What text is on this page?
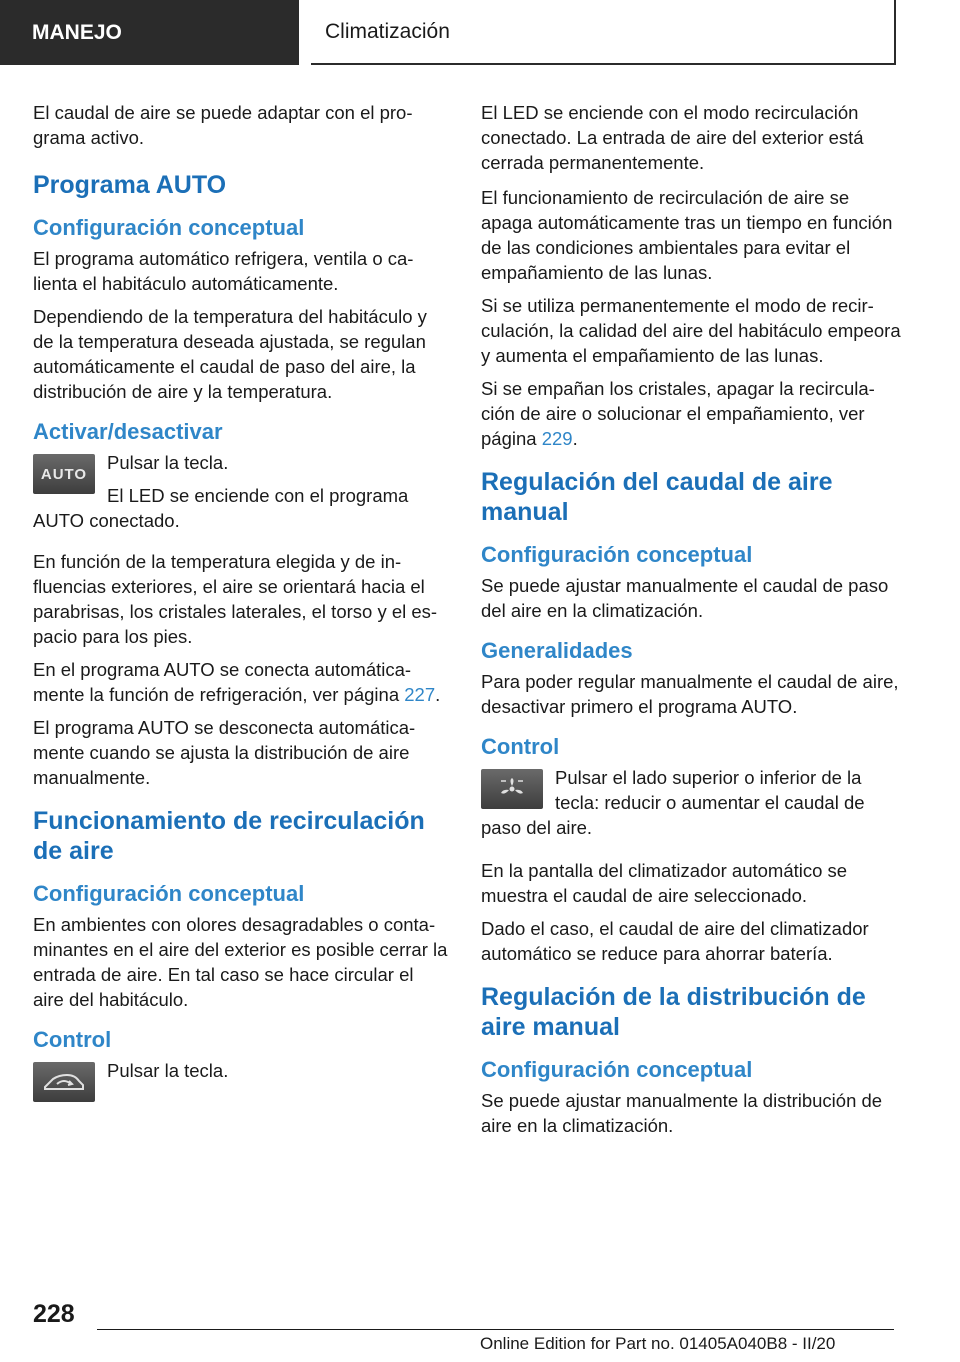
MANEJO	Climatización

El caudal de aire se puede adaptar con el programa activo.

Programa AUTO
Configuración conceptual

El programa automático refrigera, ventila o calienta el habitáculo automáticamente.

Dependiendo de la temperatura del habitáculo y de la temperatura deseada ajustada, se regulan automáticamente el caudal de paso del aire, la distribución de aire y la temperatura.

Activar/desactivar
AUTO

Pulsar la tecla.

El LED se enciende con el programa AUTO conectado.

En función de la temperatura elegida y de influencias exteriores, el aire se orientará hacia el parabrisas, los cristales laterales, el torso y el espacio para los pies.

En el programa AUTO se conecta automáticamente la función de refrigeración, ver página 227.

El programa AUTO se desconecta automáticamente cuando se ajusta la distribución de aire manualmente.

Funcionamiento de recirculación de aire
Configuración conceptual

En ambientes con olores desagradables o contaminantes en el aire del exterior es posible cerrar la entrada de aire. En tal caso se hace circular el aire del habitáculo.

Control

Pulsar la tecla.

El LED se enciende con el modo recirculación conectado. La entrada de aire del exterior está cerrada permanentemente.

El funcionamiento de recirculación de aire se apaga automáticamente tras un tiempo en función de las condiciones ambientales para evitar el empañamiento de las lunas.

Si se utiliza permanentemente el modo de recirculación, la calidad del aire del habitáculo empeora y aumenta el empañamiento de las lunas.

Si se empañan los cristales, apagar la recirculación de aire o solucionar el empañamiento, ver página 229.

Regulación del caudal de aire manual
Configuración conceptual

Se puede ajustar manualmente el caudal de paso del aire en la climatización.

Generalidades

Para poder regular manualmente el caudal de aire, desactivar primero el programa AUTO.

Control

Pulsar el lado superior o inferior de la tecla: reducir o aumentar el caudal de paso del aire.

En la pantalla del climatizador automático se muestra el caudal de aire seleccionado.

Dado el caso, el caudal de aire del climatizador automático se reduce para ahorrar batería.

Regulación de la distribución de aire manual
Configuración conceptual

Se puede ajustar manualmente la distribución de aire en la climatización.

228
Online Edition for Part no. 01405A040B8 - II/20
